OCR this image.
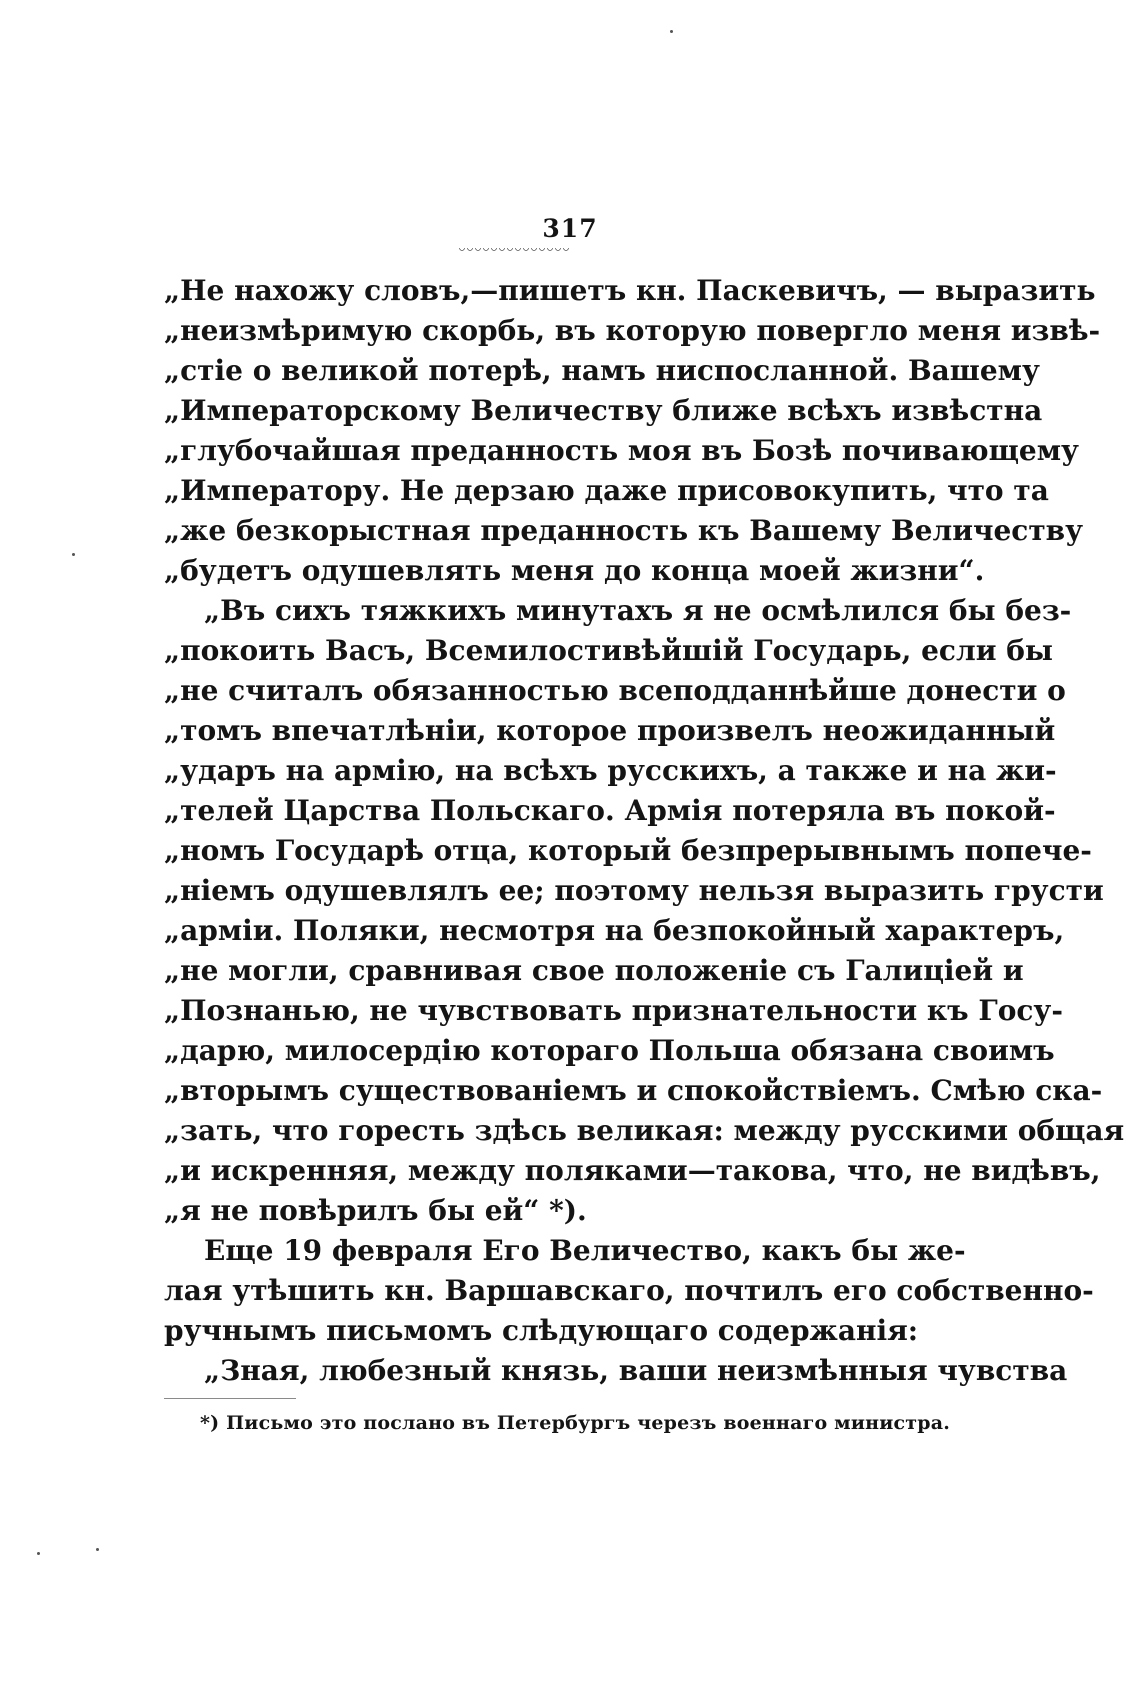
317
„Не нахожу словъ,—пишетъ кн. Паскевичъ, — выразить
„неизмѣримую скорбь, въ которую повергло меня извѣ-
„стіе о великой потерѣ, намъ ниспосланной. Вашему
„Императорскому Величеству ближе всѣхъ извѣстна
„глубочайшая преданность моя въ Бозѣ почивающему
„Императору. Не дерзаю даже присовокупить, что та
„же безкорыстная преданность къ Вашему Величеству
„будетъ одушевлять меня до конца моей жизни“.
„Въ сихъ тяжкихъ минутахъ я не осмѣлился бы без-
„покоить Васъ, Всемилостивѣйшій Государь, если бы
„не считалъ обязанностью всеподданнѣйше донести о
„томъ впечатлѣніи, которое произвелъ неожиданный
„ударъ на армію, на всѣхъ русскихъ, а также и на жи-
„телей Царства Польскаго. Армія потеряла въ покой-
„номъ Государѣ отца, который безпрерывнымъ попече-
„ніемъ одушевлялъ ее; поэтому нельзя выразить грусти
„арміи. Поляки, несмотря на безпокойный характеръ,
„не могли, сравнивая свое положеніе съ Галиціей и
„Познанью, не чувствовать признательности къ Госу-
„дарю, милосердію котораго Польша обязана своимъ
„вторымъ существованіемъ и спокойствіемъ. Смѣю ска-
„зать, что горесть здѣсь великая: между русскими общая
„и искренняя, между поляками—такова, что, не видѣвъ,
„я не повѣрилъ бы ей“ *).
Еще 19 февраля Его Величество, какъ бы же-
лая утѣшить кн. Варшавскаго, почтилъ его собственно-
ручнымъ письмомъ слѣдующаго содержанія:
„Зная, любезный князь, ваши неизмѣнныя чувства
*) Письмо это послано въ Петербургъ черезъ военнаго министра.
